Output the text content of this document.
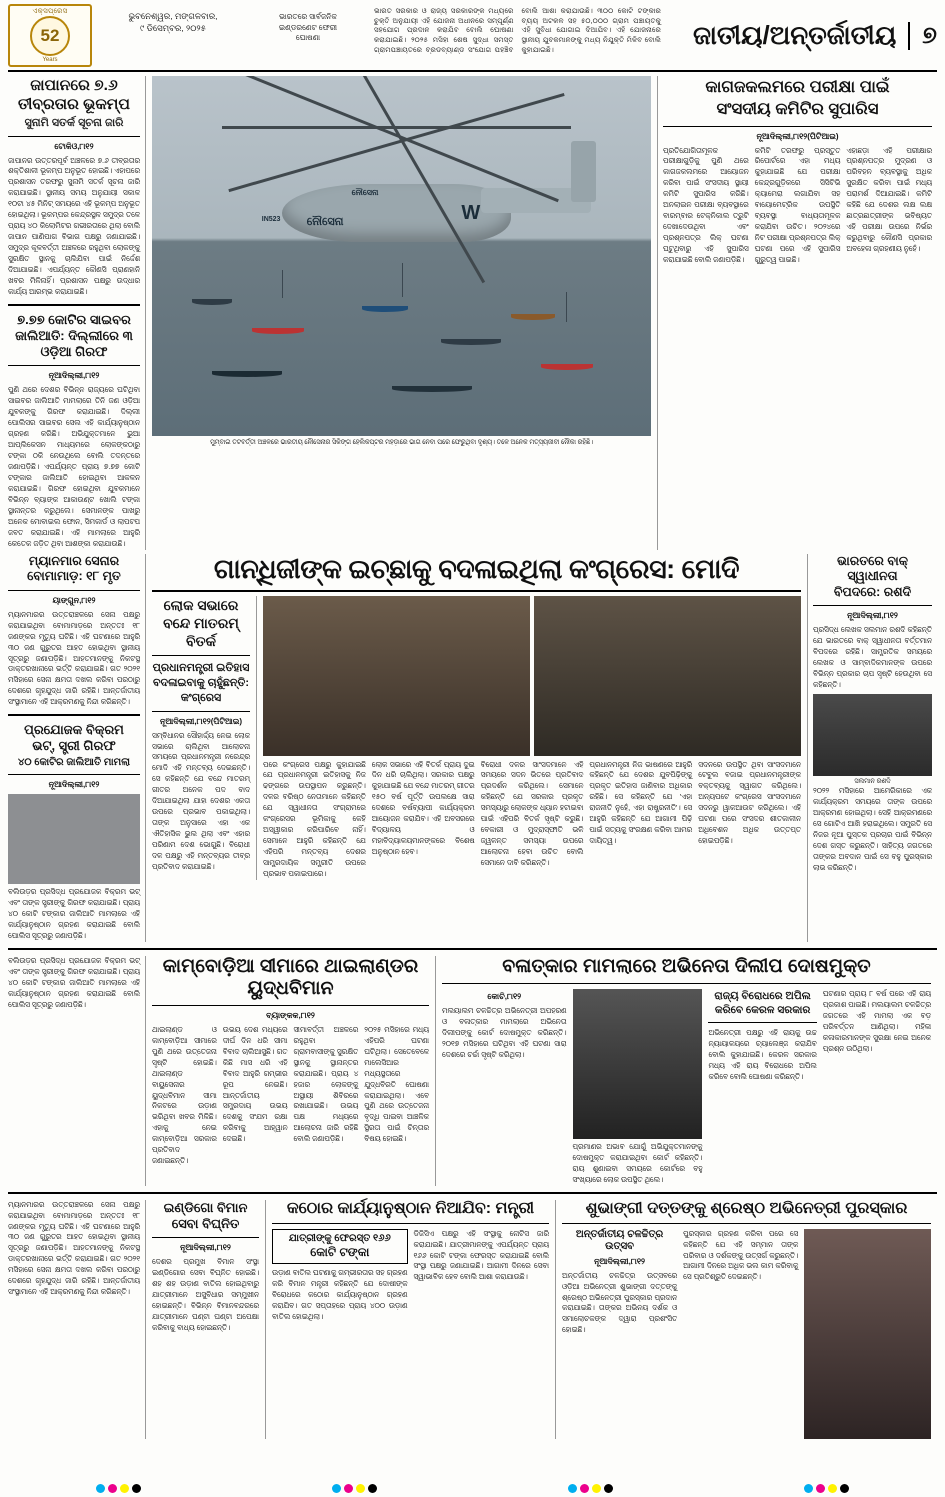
ଏକ୍ସପ୍ରେସ
52
Years
ଭୁବନେଶ୍ୱର, ମଙ୍ଗଳବାର,
୯ ଡିସେମ୍ବର, ୨୦୨୫
ଭାରତରେ ସାର୍ବଜନିକ
ଇଣ୍ଡରଣେଟ ଫେରୀ
ଘୋଷଣା
ଭାରତ ସରକାର ଓ ରାଜ୍ୟ ସରକାରଙ୍କ ମଧ୍ୟରେ ଚୁକ୍ତି ଅନୁଯାୟୀ ଏହି ଯୋଜନା ଅଧୀନରେ ସମ୍ପୂର୍ଣ୍ଣ ସହଯୋଗ ପ୍ରଦାନ କରାଯିବ ବୋଲି ଘୋଷଣା କରାଯାଇଛି। ୨୦୨୫ ମସିହା ଶେଷ ସୁଦ୍ଧା ସମସ୍ତ ଗ୍ରାମପଞ୍ଚାୟତରେ ବ୍ରଡବ୍ୟାଣ୍ଡ ସଂଯୋଗ ପହଞ୍ଚିବ ବୋଲି ଆଶା କରାଯାଉଛି। ୩୦୦ କୋଟି ଟଙ୍କାର ବ୍ୟୟ ଅଟକଳ ସହ ୫୦,୦୦୦ ଗ୍ରାମ ପଞ୍ଚାୟତକୁ ଏହି ସୁବିଧା ଯୋଗାଇ ଦିଆଯିବ। ଏହି ଯୋଜନାରେ ସ୍ଥାନୀୟ ଯୁବକମାନଙ୍କୁ ମଧ୍ୟ ନିଯୁକ୍ତି ମିଳିବ ବୋଲି କୁହାଯାଇଛି।	ଜାତୀୟ/ଅନ୍ତର୍ଜାତୀୟ	୭
ଜାପାନରେ ୭.୬
ତୀବ୍ରତାର ଭୂକମ୍ପ
ସୁନାମି ସତର୍କ ସୂଚନା ଜାରି
ଟୋକିଓ,୮ା୧୨
ଜାପାନର ଉତ୍ତରପୂର୍ବ ଅଞ୍ଚଳରେ ୭.୬ ତୀବ୍ରତାର ଶକ୍ତିଶାଳୀ ଭୂକମ୍ପ ଅନୁଭୂତ ହୋଇଛି। ଏହାପରେ ପ୍ରଶାସନ ତରଫରୁ ସୁନାମି ସତର୍କ ସୂଚନା ଜାରି କରାଯାଇଛି। ସ୍ଥାନୀୟ ସମୟ ଅନୁଯାୟୀ ସକାଳ ୧୦ଟା ୪୫ ମିନିଟ୍ ସମୟରେ ଏହି ଭୂକମ୍ପ ଅନୁଭୂତ ହୋଇଥିଲା। ଭୂକମ୍ପର କେନ୍ଦ୍ରସ୍ଥଳ ସମୁଦ୍ର ତଳେ ପ୍ରାୟ ୪୦ କିଲୋମିଟର ଗଭୀରତାରେ ଥିଲା ବୋଲି ଜାପାନ ପାଣିପାଗ ବିଭାଗ ପକ୍ଷରୁ ଜଣାଯାଇଛି। ସମୁଦ୍ର କୂଳବର୍ତ୍ତୀ ଅଞ୍ଚଳରେ ରହୁଥିବା ଲୋକଙ୍କୁ ସୁରକ୍ଷିତ ସ୍ଥାନକୁ ଚାଲିଯିବା ପାଇଁ ନିର୍ଦ୍ଦେଶ ଦିଆଯାଇଛି। ଏପର୍ଯ୍ୟନ୍ତ କୌଣସି ପ୍ରାଣହାନି ଖବର ମିଳିନାହିଁ। ପ୍ରଶାସନ ପକ୍ଷରୁ ଉଦ୍ଧାର କାର୍ଯ୍ୟ ଆରମ୍ଭ କରାଯାଇଛି।
୭.୭୭ କୋଟିର ସାଇବର
ଜାଲିଆତି: ଦିଲ୍ଲୀରେ ୩
ଓଡ଼ିଆ ଗିରଫ
ନୂଆଦିଲ୍ଲୀ,୮ା୧୨
ପୁଣି ଥରେ ଦେଶର ବିଭିନ୍ନ ରାଜ୍ୟରେ ଘଟିଥିବା ସାଇବର ଜାଲିଆତି ମାମଲାରେ ତିନି ଜଣ ଓଡ଼ିଆ ଯୁବକଙ୍କୁ ଗିରଫ କରାଯାଇଛି। ଦିଲ୍ଲୀ ପୋଲିସର ସାଇବର ସେଲ ଏହି କାର୍ଯ୍ୟାନୁଷ୍ଠାନ ଗ୍ରହଣ କରିଛି। ଅଭିଯୁକ୍ତମାନେ ଭୁଆ ଆପ୍ଲିକେସନ ମାଧ୍ୟମରେ ଲୋକଙ୍କଠାରୁ ଟଙ୍କା ଠକି ନେଉଥିଲେ ବୋଲି ତଦନ୍ତରେ ଜଣାପଡ଼ିଛି। ଏପର୍ଯ୍ୟନ୍ତ ପ୍ରାୟ ୭.୭୭ କୋଟି ଟଙ୍କାର ଜାଲିଆତି ହୋଇଥିବା ଆକଳନ କରାଯାଇଛି। ଗିରଫ ହୋଇଥିବା ଯୁବକମାନେ ବିଭିନ୍ନ ବ୍ୟାଙ୍କ ଆକାଉଣ୍ଟ ଖୋଲି ଟଙ୍କା ସ୍ଥାନାନ୍ତର କରୁଥିଲେ। ସେମାନଙ୍କ ପାଖରୁ ଅନେକ ମୋବାଇଲ ଫୋନ, ସିମକାର୍ଡ ଓ ଲାପଟପ ଜବତ କରାଯାଇଛି। ଏହି ମାମଲାରେ ଆହୁରି କେତେକ ଜଡ଼ିତ ଥିବା ଆଶଙ୍କା କରାଯାଉଛି।
ନୌସେନା
ନୌସେନା
IN523	W
ମୁମ୍ବାଇ ତଟବର୍ତ୍ତୀ ଅଞ୍ଚଳରେ ଭାରତୀୟ ନୌସେନାର ସିକିଙ୍ଗ ହେଲିକପ୍ଟର ମହଡ଼ାରେ ଭାଗ ନେବା ପରେ ଫେରୁଥିବା ଦୃଶ୍ୟ। ତଳେ ଅନେକ ମତ୍ସ୍ୟଜୀବୀ ନୌକା ରହିଛି।
କାଗଜକଲମରେ ପରୀକ୍ଷା ପାଇଁ
ସଂସଦୀୟ କମିଟିର ସୁପାରିସ
ନୂଆଦିଲ୍ଲୀ,୮ା୧୨(ପିଟିଆଇ)
ପ୍ରତିଯୋଗିତାମୂଳକ ପରୀକ୍ଷାଗୁଡ଼ିକୁ ପୁଣି ଥରେ କାଗଜକଲମରେ ଆୟୋଜନ କରିବା ପାଇଁ ସଂସଦୀୟ ସ୍ଥାୟୀ କମିଟି ସୁପାରିସ କରିଛି। ଅନଲାଇନ ପରୀକ୍ଷା ବ୍ୟବସ୍ଥାରେ ବାରମ୍ବାର ଟେକ୍ନିକାଲ ତ୍ରୁଟି ଦେଖାଦେଉଥିବା ଏବଂ ପ୍ରଶ୍ନପତ୍ର ଲିକ୍ ଘଟଣା ଘଟୁଥିବାରୁ ଏହି ସୁପାରିସ କରାଯାଇଛି ବୋଲି ଜଣାପଡ଼ିଛି।
କମିଟି ତରଫରୁ ପ୍ରସ୍ତୁତ ରିପୋର୍ଟରେ ଏହା ମଧ୍ୟ କୁହାଯାଇଛି ଯେ ପରୀକ୍ଷା କେନ୍ଦ୍ରଗୁଡ଼ିକରେ ସିସିଟିଭି କ୍ୟାମେରା ଲଗାଯିବା ସହ ବାୟୋମେଟ୍ରିକ ଉପସ୍ଥିତି ବ୍ୟବସ୍ଥା ବାଧ୍ୟତାମୂଳକ କରାଯିବା ଉଚିତ। ୨୦୨୪ରେ ନିଟ ପରୀକ୍ଷା ପ୍ରଶ୍ନପତ୍ର ଲିକ୍ ଘଟଣା ପରେ ଏହି ସୁପାରିସ ଗୁରୁତ୍ୱ ପାଇଛି।
ଏହାଛଡ଼ା ଏହି ପରୀକ୍ଷାର ପ୍ରଶ୍ନପତ୍ର ମୁଦ୍ରଣ ଓ ପରିବହନ ବ୍ୟବସ୍ଥାକୁ ଅଧିକ ସୁରକ୍ଷିତ କରିବା ପାଇଁ ମଧ୍ୟ ପରାମର୍ଶ ଦିଆଯାଇଛି। କମିଟି କହିଛି ଯେ ଦେଶର ଲକ୍ଷ ଲକ୍ଷ ଛାତ୍ରଛାତ୍ରୀଙ୍କ ଭବିଷ୍ୟତ ଏହି ପରୀକ୍ଷା ଉପରେ ନିର୍ଭର କରୁଥିବାରୁ କୌଣସି ପ୍ରକାର ଅବହେଳା ଗ୍ରହଣୀୟ ନୁହେଁ।
ମ୍ୟାନମାର ସେନାର
ବୋମାମାଡ଼: ୧୮ ମୃତ
ୟାଙ୍ଗୁନ,୮ା୧୨
ମ୍ୟାନମାରର ଉତ୍ତରାଞ୍ଚଳରେ ସେନା ପକ୍ଷରୁ କରାଯାଇଥିବା ବୋମାମାଡ଼ରେ ଅନ୍ତତଃ ୧୮ ଜଣଙ୍କର ମୃତ୍ୟୁ ଘଟିଛି। ଏହି ଘଟଣାରେ ଆହୁରି ୩୦ ଜଣ ଗୁରୁତର ଆହତ ହୋଇଥିବା ସ୍ଥାନୀୟ ସୂତ୍ରରୁ ଜଣାପଡ଼ିଛି। ଆହତମାନଙ୍କୁ ନିକଟସ୍ଥ ଡାକ୍ତରଖାନାରେ ଭର୍ତ୍ତି କରାଯାଇଛି। ଗତ ୨୦୨୧ ମସିହାରେ ସେନା କ୍ଷମତା ଦଖଲ କରିବା ପରଠାରୁ ଦେଶରେ ଗୃହଯୁଦ୍ଧ ଜାରି ରହିଛି। ଆନ୍ତର୍ଜାତୀୟ ସଂସ୍ଥାମାନେ ଏହି ଆକ୍ରମଣକୁ ନିନ୍ଦା କରିଛନ୍ତି।
ପ୍ରଯୋଜକ ବିକ୍ରମ
ଭଟ୍, ସ୍ତ୍ରୀ ଗିରଫ
୪୦ କୋଟିର ଜାଲିଆତି ମାମଲା
ନୂଆଦିଲ୍ଲୀ,୮ା୧୨
ବଲିଉଡ଼ର ପ୍ରସିଦ୍ଧ ପ୍ରଯୋଜକ ବିକ୍ରମ ଭଟ୍ ଏବଂ ତାଙ୍କ ସ୍ତ୍ରୀଙ୍କୁ ଗିରଫ କରାଯାଇଛି। ପ୍ରାୟ ୪୦ କୋଟି ଟଙ୍କାର ଜାଲିଆତି ମାମଲାରେ ଏହି କାର୍ଯ୍ୟାନୁଷ୍ଠାନ ଗ୍ରହଣ କରାଯାଇଛି ବୋଲି ପୋଲିସ ସୂତ୍ରରୁ ଜଣାପଡ଼ିଛି।
ଗାନ୍ଧିଜୀଙ୍କ ଇଚ୍ଛାକୁ ବଦଳାଇଥିଲା କଂଗ୍ରେସ: ମୋଦି
ଲୋକ ସଭାରେ
ବନ୍ଦେ ମାତରମ୍
ବିତର୍କ
ପ୍ରଧାନମନ୍ତ୍ରୀ ଇତିହାସ ବଦଳାଇବାକୁ ଚାହୁଁଛନ୍ତି: କଂଗ୍ରେସ
ନୂଆଦିଲ୍ଲୀ,୮ା୧୨(ପିଟିଆଇ)
ସମ୍ବିଧାନର ସୌହାର୍ଦ୍ଦ୍ୟ ନେଇ ଲୋକ ସଭାରେ ଚାଲିଥିବା ଆଲୋଚନା ସମୟରେ ପ୍ରଧାନମନ୍ତ୍ରୀ ନରେନ୍ଦ୍ର ମୋଦି ଏହି ମନ୍ତବ୍ୟ ଦେଇଛନ୍ତି। ସେ କହିଛନ୍ତି ଯେ ବନ୍ଦେ ମାତରମ୍ ଗୀତର ଅନେକ ପଦ ବାଦ ଦିଆଯାଇଥିଲା ଯାହା ଦେଶର ଏକତା ଉପରେ ପ୍ରଭାବ ପକାଇଥିଲା। ତାଙ୍କ ଅନୁସାରେ ଏହା ଏକ ଐତିହାସିକ ଭୁଲ ଥିଲା ଏବଂ ଏହାର ପରିଣାମ ଦେଶ ଭୋଗୁଛି। ବିରୋଧୀ ଦଳ ପକ୍ଷରୁ ଏହି ମନ୍ତବ୍ୟର ତୀବ୍ର ପ୍ରତିବାଦ କରାଯାଇଛି।
ପରେ କଂଗ୍ରେସ ପକ୍ଷରୁ କୁହାଯାଇଛି ଯେ ପ୍ରଧାନମନ୍ତ୍ରୀ ଇତିହାସକୁ ନିଜ ଢଙ୍ଗରେ ଉପସ୍ଥାପନ କରୁଛନ୍ତି। ଦଳର ବରିଷ୍ଠ ନେତାମାନେ କହିଛନ୍ତି ଯେ ସ୍ୱାଧୀନତା ସଂଗ୍ରାମରେ କଂଗ୍ରେସର ଭୂମିକାକୁ କେହି ଅସ୍ୱୀକାର କରିପାରିବେ ନାହିଁ। ସେମାନେ ଆହୁରି କହିଛନ୍ତି ଯେ ଏହିପରି ମନ୍ତବ୍ୟ ଦେଶର ସାମ୍ପ୍ରଦାୟିକ ସମ୍ପ୍ରୀତି ଉପରେ ପ୍ରଭାବ ପକାଇପାରେ।
ଲୋକ ସଭାରେ ଏହି ବିତର୍କ ପ୍ରାୟ ଦୁଇ ଦିନ ଧରି ଚାଲିଥିଲା। ସରକାର ପକ୍ଷରୁ କୁହାଯାଇଛି ଯେ ବନ୍ଦେ ମାତରମ୍ ଗୀତର ୧୫୦ ବର୍ଷ ପୂର୍ତ୍ତି ଉପଲକ୍ଷେ ସାରା ଦେଶରେ ବର୍ଷବ୍ୟାପୀ କାର୍ଯ୍ୟକ୍ରମ ଆୟୋଜନ କରାଯିବ। ଏହି ଅବସରରେ ବିଦ୍ୟାଳୟ ଓ ମହାବିଦ୍ୟାଳୟମାନଙ୍କରେ ବିଶେଷ ଅନୁଷ୍ଠାନ ହେବ।
ବିରୋଧୀ ଦଳର ସାଂସଦମାନେ ଏହି ସମୟରେ ସଦନ ଭିତରେ ପ୍ରତିବାଦ ପ୍ରଦର୍ଶନ କରିଥିଲେ। ସେମାନେ କହିଛନ୍ତି ଯେ ସରକାର ପ୍ରକୃତ ସମସ୍ୟାରୁ ଲୋକଙ୍କ ଧ୍ୟାନ ହଟାଇବା ପାଇଁ ଏହିପରି ବିତର୍କ ସୃଷ୍ଟି କରୁଛି। ବେକାରୀ ଓ ମୁଦ୍ରାସ୍ଫୀତି ଭଳି ଜ୍ୱଳନ୍ତ ସମସ୍ୟା ଉପରେ ଆଲୋଚନା ହେବା ଉଚିତ ବୋଲି ସେମାନେ ଦାବି କରିଛନ୍ତି।
ପ୍ରଧାନମନ୍ତ୍ରୀ ନିଜ ଭାଷଣରେ ଆହୁରି କହିଛନ୍ତି ଯେ ଦେଶର ଯୁବପିଢ଼ିଙ୍କୁ ପ୍ରକୃତ ଇତିହାସ ଜାଣିବାର ଅଧିକାର ରହିଛି। ସେ କହିଛନ୍ତି ଯେ 'ଏହା ରାଜନୀତି ନୁହେଁ, ଏହା ରାଷ୍ଟ୍ରନୀତି'। ସେ ଆହୁରି କହିଛନ୍ତି ଯେ ଆଗାମୀ ପିଢ଼ି ପାଇଁ ସତ୍ୟକୁ ସଂରକ୍ଷଣ କରିବା ଆମର ଦାୟିତ୍ୱ।
ସଦନରେ ଉପସ୍ଥିତ ଥିବା ସାଂସଦମାନେ ଟେବୁଲ ବଜାଇ ପ୍ରଧାନମନ୍ତ୍ରୀଙ୍କ ବକ୍ତବ୍ୟକୁ ସ୍ୱାଗତ କରିଥିଲେ। ଅନ୍ୟପଟେ କଂଗ୍ରେସ ସାଂସଦମାନେ ସଦନରୁ ୱାକଆଉଟ କରିଥିଲେ। ଏହି ଘଟଣା ପରେ ସଂସଦର ଶୀତକାଳୀନ ଅଧିବେଶନ ଅଧିକ ଉତ୍ତପ୍ତ ହୋଇପଡ଼ିଛି।
ଭାରତରେ ବାକ୍ ସ୍ୱାଧୀନତା
ବିପଦରେ: ରଶଦି
ନୂଆଦିଲ୍ଲୀ,୮ା୧୨
ପ୍ରସିଦ୍ଧ ଲେଖକ ସଲମାନ ରଶଦି କହିଛନ୍ତି ଯେ ଭାରତରେ ବାକ୍ ସ୍ୱାଧୀନତା ବର୍ତ୍ତମାନ ବିପଦରେ ରହିଛି। ସାମ୍ପ୍ରତିକ ସମୟରେ ଲେଖକ ଓ ସାମ୍ବାଦିକମାନଙ୍କ ଉପରେ ବିଭିନ୍ନ ପ୍ରକାର ଚାପ ସୃଷ୍ଟି ହେଉଥିବା ସେ କହିଛନ୍ତି।
ସଲମାନ ରଶଦି
୨୦୨୨ ମସିହାରେ ଆମେରିକାରେ ଏକ କାର୍ଯ୍ୟକ୍ରମ ସମୟରେ ତାଙ୍କ ଉପରେ ଆକ୍ରମଣ ହୋଇଥିଲା। ସେହି ଆକ୍ରମଣରେ ସେ ଗୋଟିଏ ଆଖି ହରାଇଥିଲେ। ସମ୍ପ୍ରତି ସେ ନିଜର ନୂଆ ପୁସ୍ତକ ପ୍ରଚାର ପାଇଁ ବିଭିନ୍ନ ଦେଶ ଗସ୍ତ କରୁଛନ୍ତି। ସାହିତ୍ୟ ଜଗତରେ ତାଙ୍କର ଅବଦାନ ପାଇଁ ସେ ବହୁ ପୁରସ୍କାର ଲାଭ କରିଛନ୍ତି।
ବଲିଉଡ଼ର ପ୍ରସିଦ୍ଧ ପ୍ରଯୋଜକ ବିକ୍ରମ ଭଟ୍ ଏବଂ ତାଙ୍କ ସ୍ତ୍ରୀଙ୍କୁ ଗିରଫ କରାଯାଇଛି। ପ୍ରାୟ ୪୦ କୋଟି ଟଙ୍କାର ଜାଲିଆତି ମାମଲାରେ ଏହି କାର୍ଯ୍ୟାନୁଷ୍ଠାନ ଗ୍ରହଣ କରାଯାଇଛି ବୋଲି ପୋଲିସ ସୂତ୍ରରୁ ଜଣାପଡ଼ିଛି।
କାମ୍ବୋଡ଼ିଆ ସୀମାରେ ଥାଇଲାଣ୍ଡର ୟୁଦ୍ଧବିମାନ
ବ୍ୟାଙ୍କକ,୮ା୧୨
ଥାଇଲାଣ୍ଡ ଓ କାମ୍ବୋଡ଼ିଆ ସୀମାରେ ପୁଣି ଥରେ ଉତ୍ତେଜନା ସୃଷ୍ଟି ହୋଇଛି। ଥାଇଲାଣ୍ଡ ବାୟୁସେନାର ୟୁଦ୍ଧବିମାନ ସୀମା ନିକଟରେ ଉଡ଼ାଣ ଭରିଥିବା ଖବର ମିଳିଛି। ଏହାକୁ ନେଇ କାମ୍ବୋଡ଼ିଆ ସରକାର ପ୍ରତିବାଦ ଜଣାଇଛନ୍ତି।
ଉଭୟ ଦେଶ ମଧ୍ୟରେ ଦୀର୍ଘ ଦିନ ଧରି ସୀମା ବିବାଦ ଚାଲିଆସୁଛି। ଗତ କିଛି ମାସ ଧରି ଏହି ବିବାଦ ଆହୁରି ଗମ୍ଭୀର ରୂପ ନେଇଛି। ଆନ୍ତର୍ଜାତୀୟ ସମ୍ପ୍ରଦାୟ ଉଭୟ ଦେଶକୁ ସଂଯମ ରକ୍ଷା କରିବାକୁ ଆହ୍ୱାନ ଦେଇଛି।
ସୀମାବର୍ତ୍ତୀ ଅଞ୍ଚଳରେ ରହୁଥିବା ଗ୍ରାମବାସୀଙ୍କୁ ସୁରକ୍ଷିତ ସ୍ଥାନକୁ ସ୍ଥାନାନ୍ତର କରାଯାଇଛି। ପ୍ରାୟ ୪ ହଜାର ଲୋକଙ୍କୁ ଅସ୍ଥାୟୀ ଶିବିରରେ ରଖାଯାଇଛି। ଉଭୟ ପକ୍ଷ ମଧ୍ୟରେ ଆଲୋଚନା ଜାରି ରହିଛି ବୋଲି ଜଣାପଡ଼ିଛି।
୨୦୨୫ ମସିହାରେ ମଧ୍ୟ ଏହିପରି ଘଟଣା ଘଟିଥିଲା। ସେତେବେଳେ ମାଲେସିଆର ମଧ୍ୟସ୍ଥତାରେ ଯୁଦ୍ଧବିରତି ଘୋଷଣା କରାଯାଇଥିଲା। ଏବେ ପୁଣି ଥରେ ଉତ୍ତେଜନା ବୃଦ୍ଧି ପାଇବା ଆଞ୍ଚଳିକ ସ୍ଥିରତା ପାଇଁ ଚିନ୍ତାର ବିଷୟ ହୋଇଛି।
ବଳାତ୍କାର ମାମଲାରେ ଅଭିନେତା ଦିଲୀପ ଦୋଷମୁକ୍ତ
କୋଚି,୮ା୧୨
ମଲୟାଲମ ଚଳଚ୍ଚିତ୍ର ଅଭିନେତ୍ରୀ ଅପହରଣ ଓ ବଳାତ୍କାର ମାମଲାରେ ଅଭିନେତା ଦିଲୀପଙ୍କୁ କୋର୍ଟ ଦୋଷମୁକ୍ତ କରିଛନ୍ତି। ୨୦୧୭ ମସିହାରେ ଘଟିଥିବା ଏହି ଘଟଣା ସାରା ଦେଶରେ ଚର୍ଚ୍ଚା ସୃଷ୍ଟି କରିଥିଲା।
ପ୍ରମାଣର ଅଭାବ ଯୋଗୁଁ ଅଭିଯୁକ୍ତମାନଙ୍କୁ ଦୋଷମୁକ୍ତ କରାଯାଇଥିବା କୋର୍ଟ କହିଛନ୍ତି। ରାୟ ଶୁଣାଇବା ସମୟରେ କୋର୍ଟରେ ବହୁ ସଂଖ୍ୟାରେ ଲୋକ ଉପସ୍ଥିତ ଥିଲେ।
ରାଜ୍ୟ ବିରୋଧରେ ଅପିଲ କରିବେ କେରଳ ସରକାର
ଅଭିନେତ୍ରୀ ପକ୍ଷରୁ ଏହି ରାୟକୁ ଉଚ୍ଚ ନ୍ୟାୟାଳୟରେ ଚ୍ୟାଲେଞ୍ଜ କରାଯିବ ବୋଲି କୁହାଯାଇଛି। କେରଳ ସରକାର ମଧ୍ୟ ଏହି ରାୟ ବିରୋଧରେ ଅପିଲ କରିବେ ବୋଲି ଘୋଷଣା କରିଛନ୍ତି।
ଘଟଣାର ପ୍ରାୟ ୮ ବର୍ଷ ପରେ ଏହି ରାୟ ପ୍ରକାଶ ପାଇଛି। ମଲୟାଲମ ଚଳଚ୍ଚିତ୍ର ଜଗତରେ ଏହି ମାମଲା ଏକ ବଡ଼ ପରିବର୍ତ୍ତନ ଆଣିଥିଲା। ମହିଳା କଳାକାରମାନଙ୍କ ସୁରକ୍ଷା ନେଇ ଅନେକ ପ୍ରଶ୍ନ ଉଠିଥିଲା।
ମ୍ୟାନମାରର ଉତ୍ତରାଞ୍ଚଳରେ ସେନା ପକ୍ଷରୁ କରାଯାଇଥିବା ବୋମାମାଡ଼ରେ ଅନ୍ତତଃ ୧୮ ଜଣଙ୍କର ମୃତ୍ୟୁ ଘଟିଛି। ଏହି ଘଟଣାରେ ଆହୁରି ୩୦ ଜଣ ଗୁରୁତର ଆହତ ହୋଇଥିବା ସ୍ଥାନୀୟ ସୂତ୍ରରୁ ଜଣାପଡ଼ିଛି। ଆହତମାନଙ୍କୁ ନିକଟସ୍ଥ ଡାକ୍ତରଖାନାରେ ଭର୍ତ୍ତି କରାଯାଇଛି। ଗତ ୨୦୨୧ ମସିହାରେ ସେନା କ୍ଷମତା ଦଖଲ କରିବା ପରଠାରୁ ଦେଶରେ ଗୃହଯୁଦ୍ଧ ଜାରି ରହିଛି। ଆନ୍ତର୍ଜାତୀୟ ସଂସ୍ଥାମାନେ ଏହି ଆକ୍ରମଣକୁ ନିନ୍ଦା କରିଛନ୍ତି।
ଇଣ୍ଡିଗୋ ବିମାନ
ସେବା ବିଘ୍ନିତ
ନୂଆଦିଲ୍ଲୀ,୮ା୧୨
ଦେଶର ପ୍ରମୁଖ ବିମାନ ସଂସ୍ଥା ଇଣ୍ଡିଗୋର ସେବା ବିଘ୍ନିତ ହୋଇଛି। ଶହ ଶହ ଉଡ଼ାଣ ବାତିଲ ହୋଇଥିବାରୁ ଯାତ୍ରୀମାନେ ଅସୁବିଧାର ସମ୍ମୁଖୀନ ହୋଇଛନ୍ତି। ବିଭିନ୍ନ ବିମାନବନ୍ଦରରେ ଯାତ୍ରୀମାନେ ଘଣ୍ଟା ଘଣ୍ଟା ଅପେକ୍ଷା କରିବାକୁ ବାଧ୍ୟ ହୋଇଛନ୍ତି।
କଠୋର କାର୍ଯ୍ୟାନୁଷ୍ଠାନ ନିଆଯିବ: ମନ୍ତ୍ରୀ
ଯାତ୍ରୀଙ୍କୁ ଫେରସ୍ତ ୧୬୬
କୋଟି ଟଙ୍କା
ଉଡ଼ାଣ ବାତିଲ ଘଟଣାକୁ ଗମ୍ଭୀରତାର ସହ ଗ୍ରହଣ କରି ବିମାନ ମନ୍ତ୍ରୀ କହିଛନ୍ତି ଯେ ଦୋଷୀଙ୍କ ବିରୋଧରେ କଠୋର କାର୍ଯ୍ୟାନୁଷ୍ଠାନ ଗ୍ରହଣ କରାଯିବ। ଗତ ସପ୍ତାହରେ ପ୍ରାୟ ୪୦୦ ଉଡ଼ାଣ ବାତିଲ ହୋଇଥିଲା।
ଡିଜିସିଏ ପକ୍ଷରୁ ଏହି ସଂସ୍ଥାକୁ ନୋଟିସ ଜାରି କରାଯାଇଛି। ଯାତ୍ରୀମାନଙ୍କୁ ଏପର୍ଯ୍ୟନ୍ତ ପ୍ରାୟ ୧୬୬ କୋଟି ଟଙ୍କା ଫେରସ୍ତ କରାଯାଇଛି ବୋଲି ସଂସ୍ଥା ପକ୍ଷରୁ ଜଣାଯାଇଛି। ଆଗାମୀ ଦିନରେ ସେବା ସ୍ୱାଭାବିକ ହେବ ବୋଲି ଆଶା କରାଯାଉଛି।
ଶୁଭାଙ୍ଗୀ ଦତ୍ତଙ୍କୁ ଶ୍ରେଷ୍ଠ ଅଭିନେତ୍ରୀ ପୁରସ୍କାର
ଅନ୍ତର୍ଜାତୀୟ ଚଳଚ୍ଚିତ୍ର ଉତ୍ସବ
ନୂଆଦିଲ୍ଲୀ,୮ା୧୨
ଅନ୍ତର୍ଜାତୀୟ ଚଳଚ୍ଚିତ୍ର ଉତ୍ସବରେ ଓଡ଼ିଆ ଅଭିନେତ୍ରୀ ଶୁଭାଙ୍ଗୀ ଦତ୍ତଙ୍କୁ ଶ୍ରେଷ୍ଠ ଅଭିନେତ୍ରୀ ପୁରସ୍କାର ପ୍ରଦାନ କରାଯାଇଛି। ତାଙ୍କର ଅଭିନୟ ଦର୍ଶକ ଓ ସମାଲୋଚକଙ୍କ ଦ୍ୱାରା ପ୍ରଶଂସିତ ହୋଇଛି।
ପୁରସ୍କାର ଗ୍ରହଣ କରିବା ପରେ ସେ କହିଛନ୍ତି ଯେ ଏହି ସମ୍ମାନ ତାଙ୍କ ପରିବାର ଓ ଦର୍ଶକଙ୍କୁ ଉତ୍ସର୍ଗ କରୁଛନ୍ତି। ଆଗାମୀ ଦିନରେ ଅଧିକ ଭଲ କାମ କରିବାକୁ ସେ ପ୍ରତିଶ୍ରୁତି ଦେଇଛନ୍ତି।
